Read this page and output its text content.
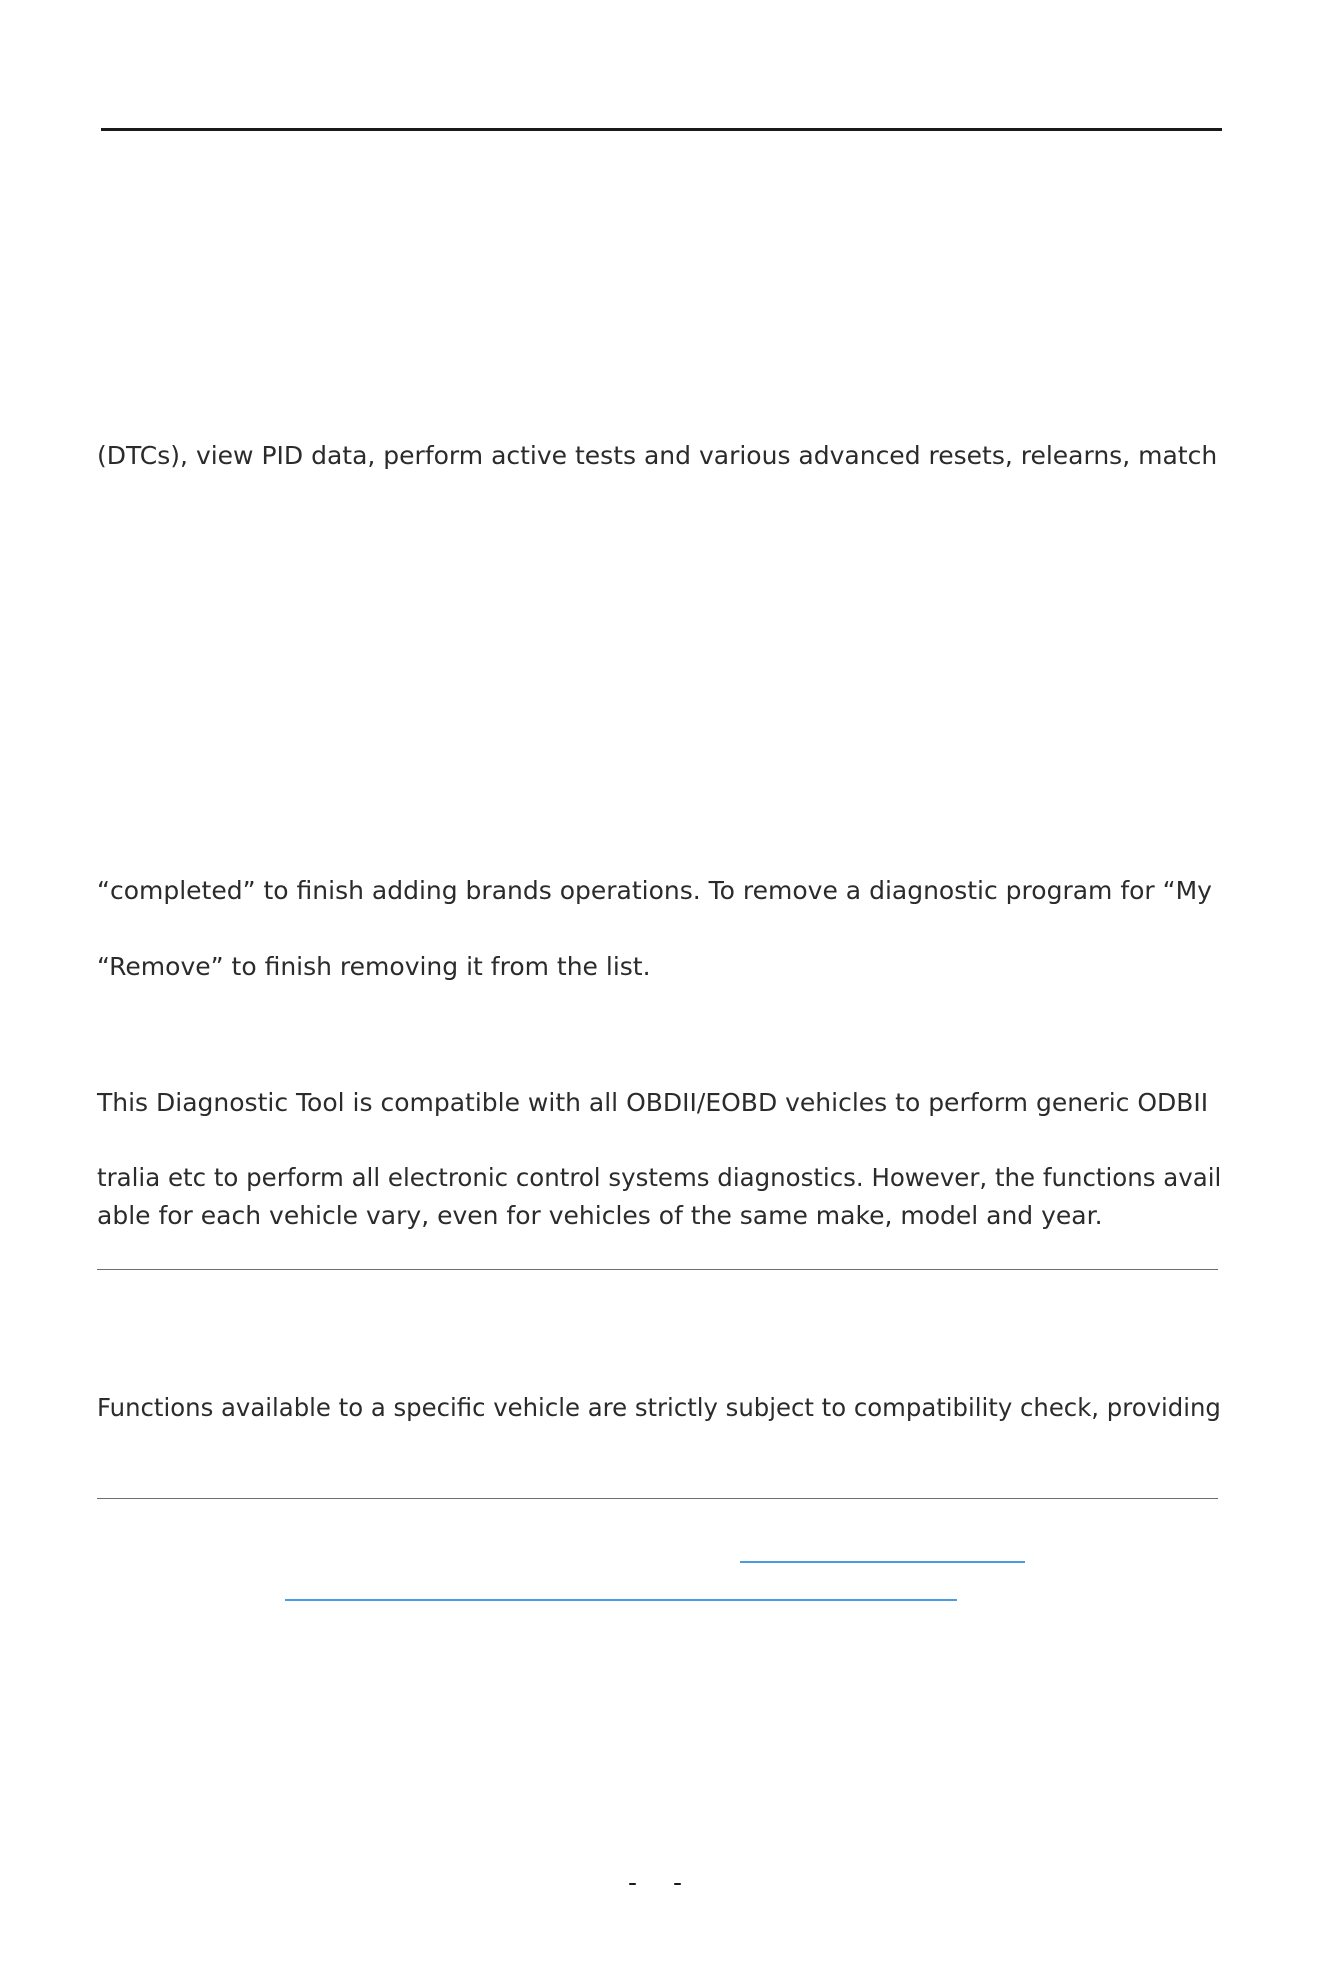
(DTCs), view PID data, perform active tests and various advanced resets, relearns, match

“completed” to finish adding brands operations. To remove a diagnostic program for “My

“Remove” to finish removing it from the list.

This Diagnostic Tool is compatible with all OBDII/EOBD vehicles to perform generic ODBII

tralia etc to perform all electronic control systems diagnostics. However, the functions avail

able for each vehicle vary, even for vehicles of the same make, model and year.

Functions available to a specific vehicle are strictly subject to compatibility check, providing

- -
